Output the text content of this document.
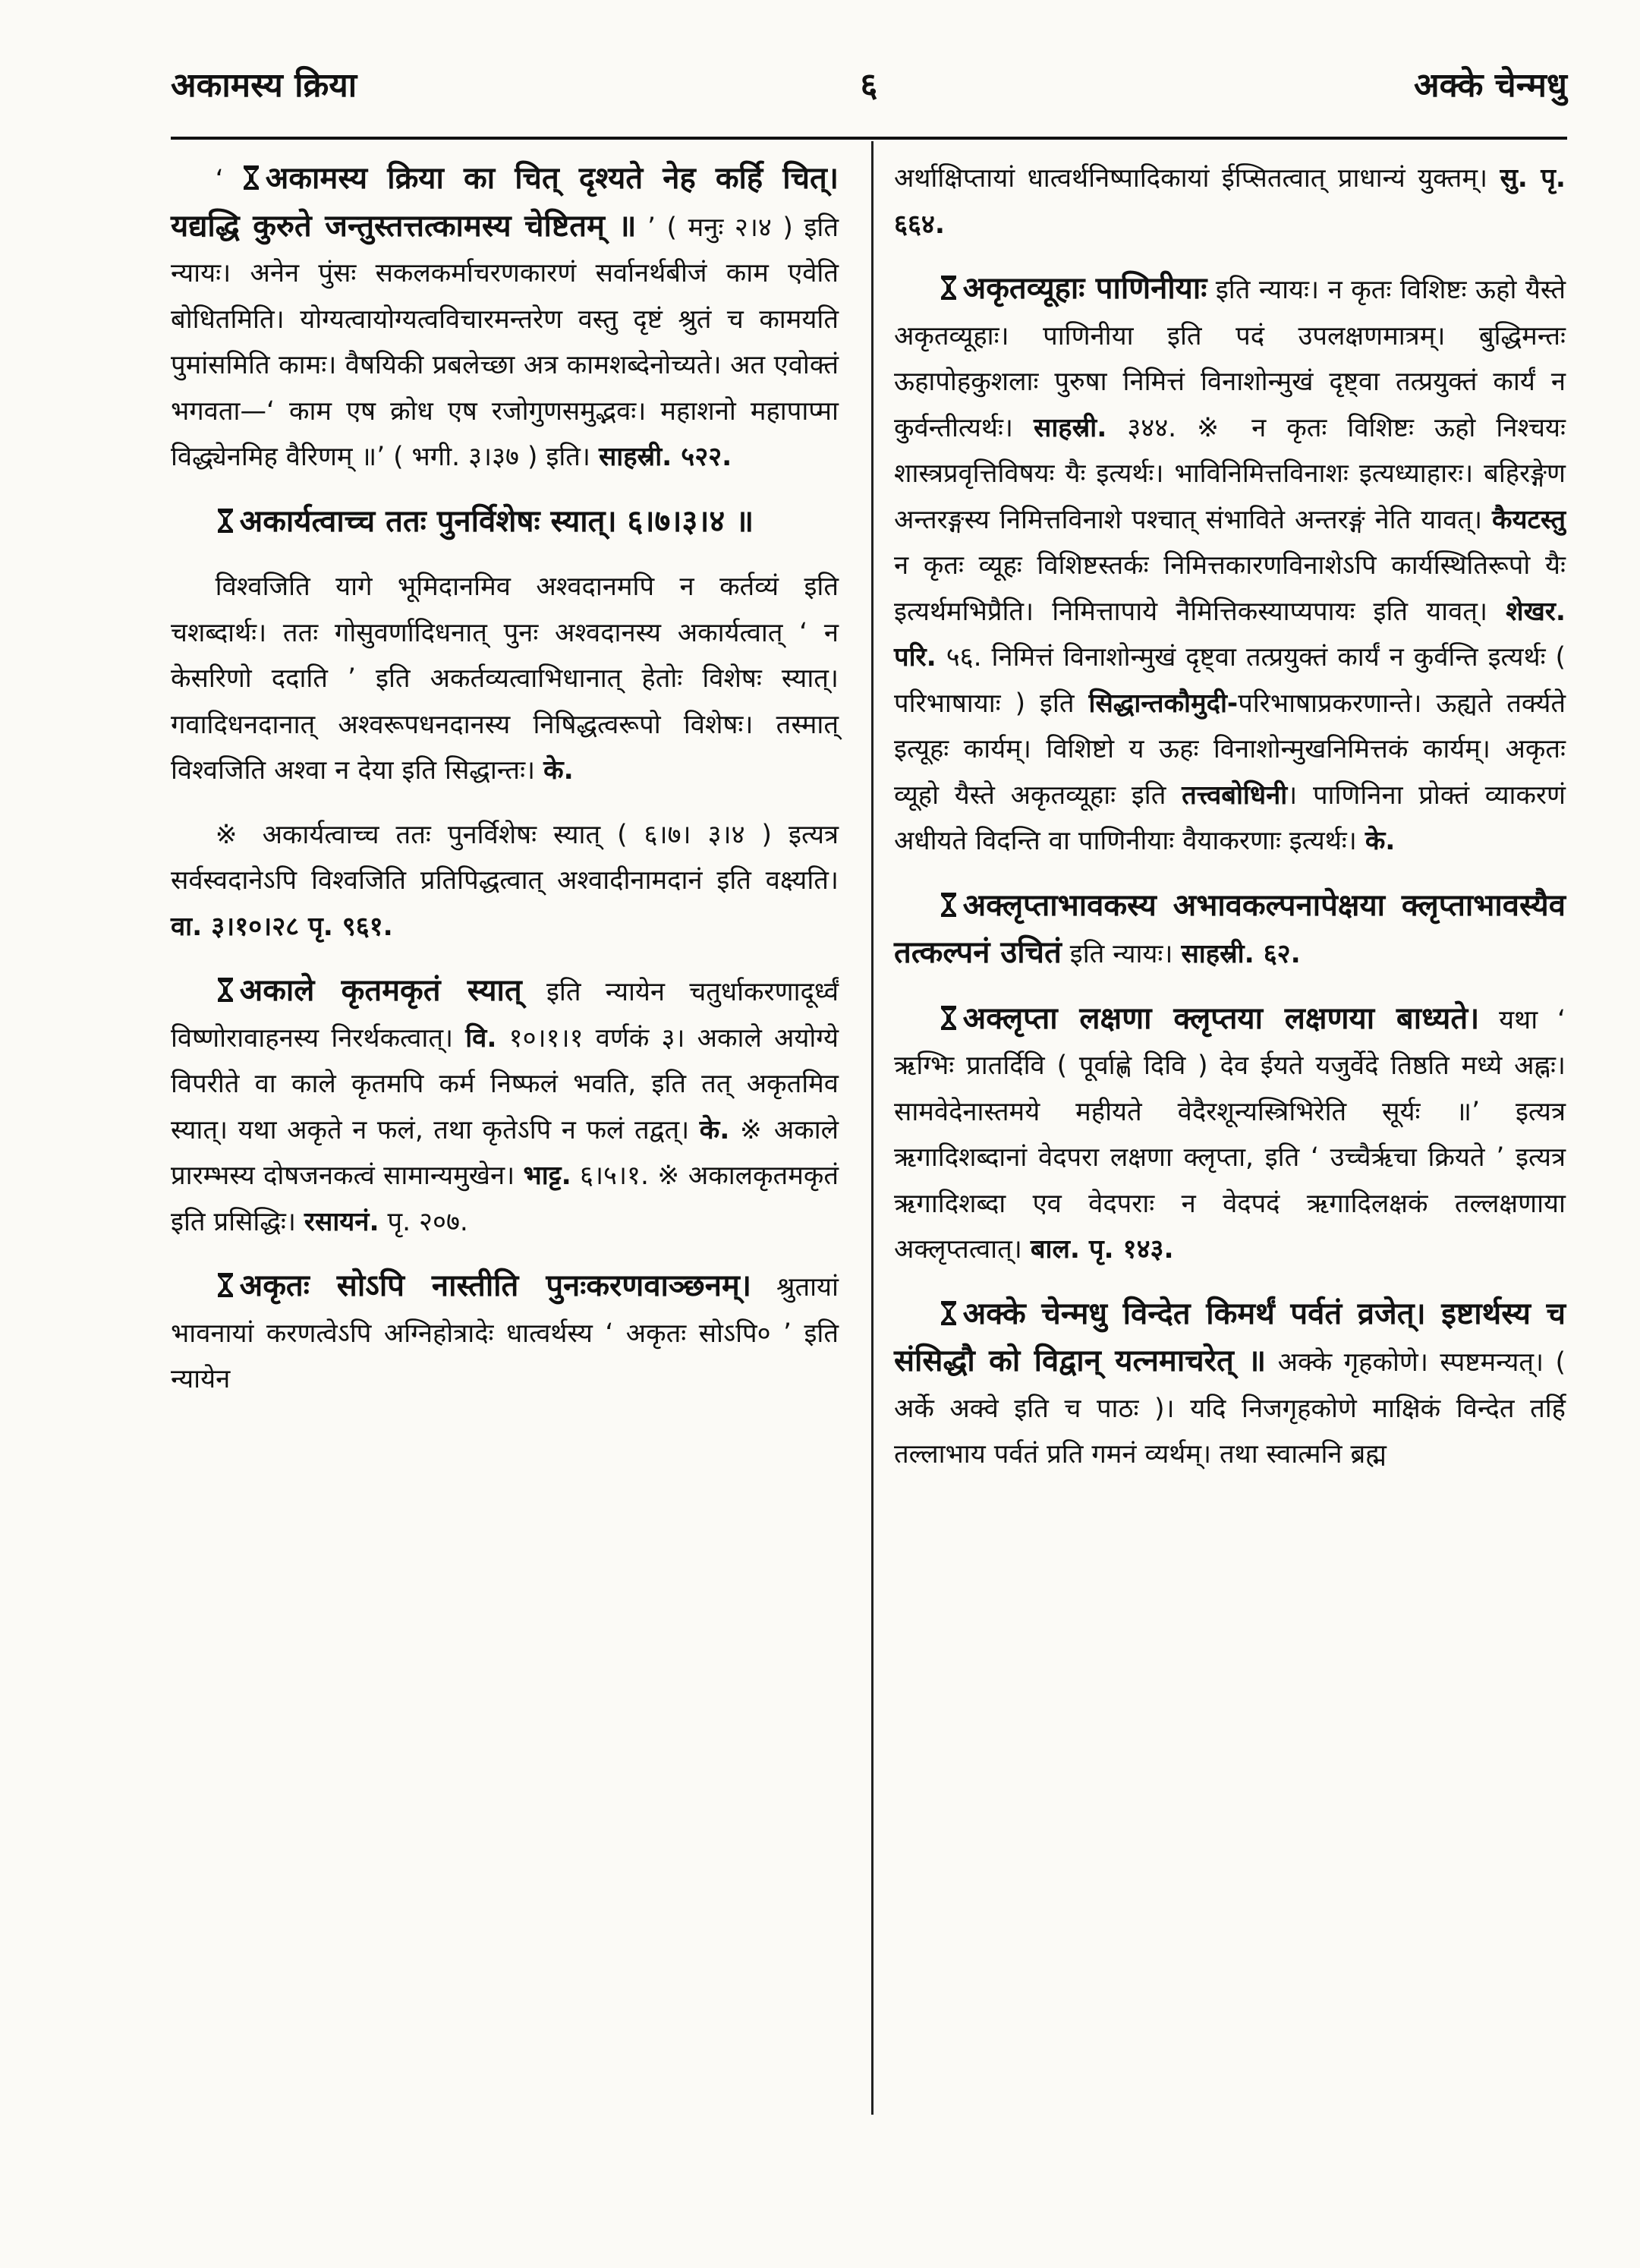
अकामस्य क्रिया	६	अक्के चेन्मधु

‘ अकामस्य क्रिया का चित् दृश्यते नेह कर्हि चित्। यद्यद्धि कुरुते जन्तुस्तत्तत्कामस्य चेष्टितम् ॥ ’ ( मनुः २।४ ) इति न्यायः। अनेन पुंसः सकलकर्माचरणकारणं सर्वानर्थबीजं काम एवेति बोधितमिति। योग्यत्वायोग्यत्वविचारमन्तरेण वस्तु दृष्टं श्रुतं च कामयति पुमांसमिति कामः। वैषयिकी प्रबलेच्छा अत्र कामशब्देनोच्यते। अत एवोक्तं भगवता—‘ काम एष क्रोध एष रजोगुणसमुद्भवः। महाशनो महापाप्मा विद्ध्येनमिह वैरिणम् ॥’ ( भगी. ३।३७ ) इति। साहस्री. ५२२.

अकार्यत्वाच्च ततः पुनर्विशेषः स्यात्। ६।७।३।४ ॥

विश्वजिति यागे भूमिदानमिव अश्वदानमपि न कर्तव्यं इति चशब्दार्थः। ततः गोसुवर्णादिधनात् पुनः अश्वदानस्य अकार्यत्वात् ‘ न केसरिणो ददाति ’ इति अकर्तव्यत्वाभिधानात् हेतोः विशेषः स्यात्। गवादिधनदानात् अश्वरूपधनदानस्य निषिद्धत्वरूपो विशेषः। तस्मात् विश्वजिति अश्वा न देया इति सिद्धान्तः। के.

※ अकार्यत्वाच्च ततः पुनर्विशेषः स्यात् ( ६।७। ३।४ ) इत्यत्र सर्वस्वदानेऽपि विश्वजिति प्रतिपिद्धत्वात् अश्वादीनामदानं इति वक्ष्यति। वा. ३।१०।२८ पृ. ९६१.

अकाले कृतमकृतं स्यात् इति न्यायेन चतुर्धाकरणादूर्ध्वं विष्णोरावाहनस्य निरर्थकत्वात्। वि. १०।१।१ वर्णकं ३। अकाले अयोग्ये विपरीते वा काले कृतमपि कर्म निष्फलं भवति, इति तत् अकृतमिव स्यात्। यथा अकृते न फलं, तथा कृतेऽपि न फलं तद्वत्। के. ※ अकाले प्रारम्भस्य दोषजनकत्वं सामान्यमुखेन। भाट्ट. ६।५।१. ※ अकालकृतमकृतं इति प्रसिद्धिः। रसायनं. पृ. २०७.

अकृतः सोऽपि नास्तीति पुनःकरणवाञ्छनम्। श्रुतायां भावनायां करणत्वेऽपि अग्निहोत्रादेः धात्वर्थस्य ‘ अकृतः सोऽपि० ’ इति न्यायेन

अर्थाक्षिप्तायां धात्वर्थनिष्पादिकायां ईप्सितत्वात् प्राधान्यं युक्तम्। सु. पृ. ६६४.

अकृतव्यूहाः पाणिनीयाः इति न्यायः। न कृतः विशिष्टः ऊहो यैस्ते अकृतव्यूहाः। पाणिनीया इति पदं उपलक्षणमात्रम्। बुद्धिमन्तः ऊहापोहकुशलाः पुरुषा निमित्तं विनाशोन्मुखं दृष्ट्वा तत्प्रयुक्तं कार्यं न कुर्वन्तीत्यर्थः। साहस्री. ३४४. ※ न कृतः विशिष्टः ऊहो निश्चयः शास्त्रप्रवृत्तिविषयः यैः इत्यर्थः। भाविनिमित्तविनाशः इत्यध्याहारः। बहिरङ्गेण अन्तरङ्गस्य निमित्तविनाशे पश्चात् संभाविते अन्तरङ्गं नेति यावत्। कैयटस्तु न कृतः व्यूहः विशिष्टस्तर्कः निमित्तकारणविनाशेऽपि कार्यस्थितिरूपो यैः इत्यर्थमभिप्रैति। निमित्तापाये नैमित्तिकस्याप्यपायः इति यावत्। शेखर. परि. ५६. निमित्तं विनाशोन्मुखं दृष्ट्वा तत्प्रयुक्तं कार्यं न कुर्वन्ति इत्यर्थः ( परिभाषायाः ) इति सिद्धान्तकौमुदी-परिभाषाप्रकरणान्ते। ऊह्यते तर्क्यते इत्यूहः कार्यम्। विशिष्टो य ऊहः विनाशोन्मुखनिमित्तकं कार्यम्। अकृतः व्यूहो यैस्ते अकृतव्यूहाः इति तत्त्वबोधिनी। पाणिनिना प्रोक्तं व्याकरणं अधीयते विदन्ति वा पाणिनीयाः वैयाकरणाः इत्यर्थः। के.

अक्लृप्ताभावकस्य अभावकल्पनापेक्षया क्लृप्ताभावस्यैव तत्कल्पनं उचितं इति न्यायः। साहस्री. ६२.

अक्लृप्ता लक्षणा क्लृप्तया लक्षणया बाध्यते। यथा ‘ ऋग्भिः प्रातर्दिवि ( पूर्वाह्णे दिवि ) देव ईयते यजुर्वेदे तिष्ठति मध्ये अह्नः। सामवेदेनास्तमये महीयते वेदैरशून्यस्त्रिभिरेति सूर्यः ॥’ इत्यत्र ऋगादिशब्दानां वेदपरा लक्षणा क्लृप्ता, इति ‘ उच्चैर्ऋचा क्रियते ’ इत्यत्र ऋगादिशब्दा एव वेदपराः न वेदपदं ऋगादिलक्षकं तल्लक्षणाया अक्लृप्तत्वात्। बाल. पृ. १४३.

अक्के चेन्मधु विन्देत किमर्थं पर्वतं व्रजेत्। इष्टार्थस्य च संसिद्धौ को विद्वान् यत्नमाचरेत् ॥ अक्के गृहकोणे। स्पष्टमन्यत्। ( अर्के अक्वे इति च पाठः )। यदि निजगृहकोणे माक्षिकं विन्देत तर्हि तल्लाभाय पर्वतं प्रति गमनं व्यर्थम्। तथा स्वात्मनि ब्रह्म
